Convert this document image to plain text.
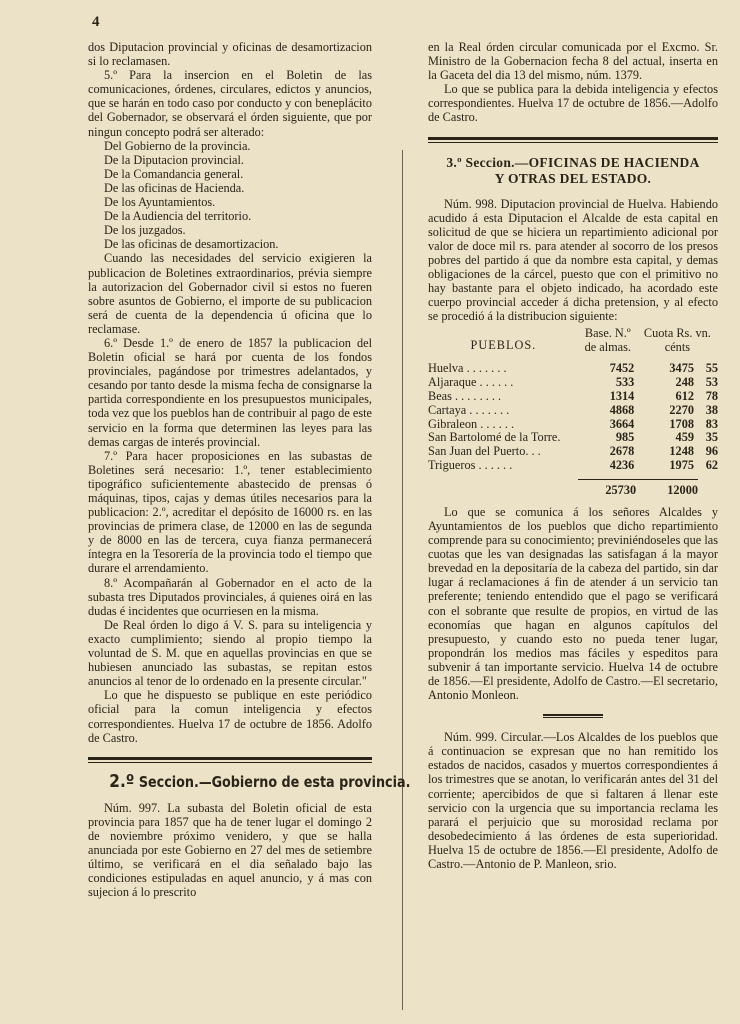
4

dos Diputacion provincial y oficinas de desamortizacion si lo reclamasen.

5.º Para la insercion en el Boletin de las comunicaciones, órdenes, circulares, edictos y anuncios, que se harán en todo caso por conducto y con beneplácito del Gobernador, se observará el órden siguiente, que por ningun concepto podrá ser alterado:

Del Gobierno de la provincia.
De la Diputacion provincial.
De la Comandancia general.
De las oficinas de Hacienda.
De los Ayuntamientos.
De la Audiencia del territorio.
De los juzgados.
De las oficinas de desamortizacion.

Cuando las necesidades del servicio exigieren la publicacion de Boletines extraordinarios, prévia siempre la autorizacion del Gobernador civil si estos no fueren sobre asuntos de Gobierno, el importe de su publicacion será de cuenta de la dependencia ú oficina que lo reclamase.

6.º Desde 1.º de enero de 1857 la publicacion del Boletin oficial se hará por cuenta de los fondos provinciales, pagándose por trimestres adelantados, y cesando por tanto desde la misma fecha de consignarse la partida correspondiente en los presupuestos municipales, toda vez que los pueblos han de contribuir al pago de este servicio en la forma que determinen las leyes para las demas cargas de interés provincial.

7.º Para hacer proposiciones en las subastas de Boletines será necesario: 1.º, tener establecimiento tipográfico suficientemente abastecido de prensas ó máquinas, tipos, cajas y demas útiles necesarios para la publicacion: 2.º, acreditar el depósito de 16000 rs. en las provincias de primera clase, de 12000 en las de segunda y de 8000 en las de tercera, cuya fianza permanecerá íntegra en la Tesorería de la provincia todo el tiempo que durare el arrendamiento.

8.º Acompañarán al Gobernador en el acto de la subasta tres Diputados provinciales, á quienes oirá en las dudas é incidentes que ocurriesen en la misma.

De Real órden lo digo á V. S. para su inteligencia y exacto cumplimiento; siendo al propio tiempo la voluntad de S. M. que en aquellas provincias en que se hubiesen anunciado las subastas, se repitan estos anuncios al tenor de lo ordenado en la presente circular."

Lo que he dispuesto se publique en este periódico oficial para la comun inteligencia y efectos correspondientes. Huelva 17 de octubre de 1856. Adolfo de Castro.

2.º Seccion.—Gobierno de esta provincia.

Núm. 997. La subasta del Boletin oficial de esta provincia para 1857 que ha de tener lugar el domingo 2 de noviembre próximo venidero, y que se halla anunciada por este Gobierno en 27 del mes de setiembre último, se verificará en el dia señalado bajo las condiciones estipuladas en aquel anuncio, y á mas con sujecion á lo prescrito

en la Real órden circular comunicada por el Excmo. Sr. Ministro de la Gobernacion fecha 8 del actual, inserta en la Gaceta del dia 13 del mismo, núm. 1379.

Lo que se publica para la debida inteligencia y efectos correspondientes. Huelva 17 de octubre de 1856.—Adolfo de Castro.

3.º Seccion.—OFICINAS DE HACIENDA
Y OTRAS DEL ESTADO.

Núm. 998. Diputacion provincial de Huelva. Habiendo acudido á esta Diputacion el Alcalde de esta capital en solicitud de que se hiciera un repartimiento adicional por valor de doce mil rs. para atender al socorro de los presos pobres del partido á que da nombre esta capital, y demas obligaciones de la cárcel, puesto que con el primitivo no hay bastante para el objeto indicado, ha acordado este cuerpo provincial acceder á dicha pretension, y al efecto se procedió á la distribucion siguiente:

PUEBLOS.
Base. N.º de almas.
Cuota Rs. vn. cénts
Huelva . . . . . . .	7452	3475	55
Aljaraque . . . . . .	533	248	53
Beas . . . . . . . .	1314	612	78
Cartaya . . . . . . .	4868	2270	38
Gibraleon . . . . . .	3664	1708	83
San Bartolomé de la Torre.	985	459	35
San Juan del Puerto. . .	2678	1248	96
Trigueros . . . . . .	4236	1975	62
25730	12000

Lo que se comunica á los señores Alcaldes y Ayuntamientos de los pueblos que dicho repartimiento comprende para su conocimiento; previniéndoseles que las cuotas que les van designadas las satisfagan á la mayor brevedad en la depositaría de la cabeza del partido, sin dar lugar á reclamaciones á fin de atender á un servicio tan preferente; teniendo entendido que el pago se verificará con el sobrante que resulte de propios, en virtud de las economías que hagan en algunos capítulos del presupuesto, y cuando esto no pueda tener lugar, propondrán los medios mas fáciles y espeditos para subvenir á tan importante servicio. Huelva 14 de octubre de 1856.—El presidente, Adolfo de Castro.—El secretario, Antonio Monleon.

Núm. 999. Circular.—Los Alcaldes de los pueblos que á continuacion se expresan que no han remitido los estados de nacidos, casados y muertos correspondientes á los trimestres que se anotan, lo verificarán antes del 31 del corriente; apercibidos de que si faltaren á llenar este servicio con la urgencia que su importancia reclama les parará el perjuicio que su morosidad reclama por desobedecimiento á las órdenes de esta superioridad. Huelva 15 de octubre de 1856.—El presidente, Adolfo de Castro.—Antonio de P. Manleon, srio.
